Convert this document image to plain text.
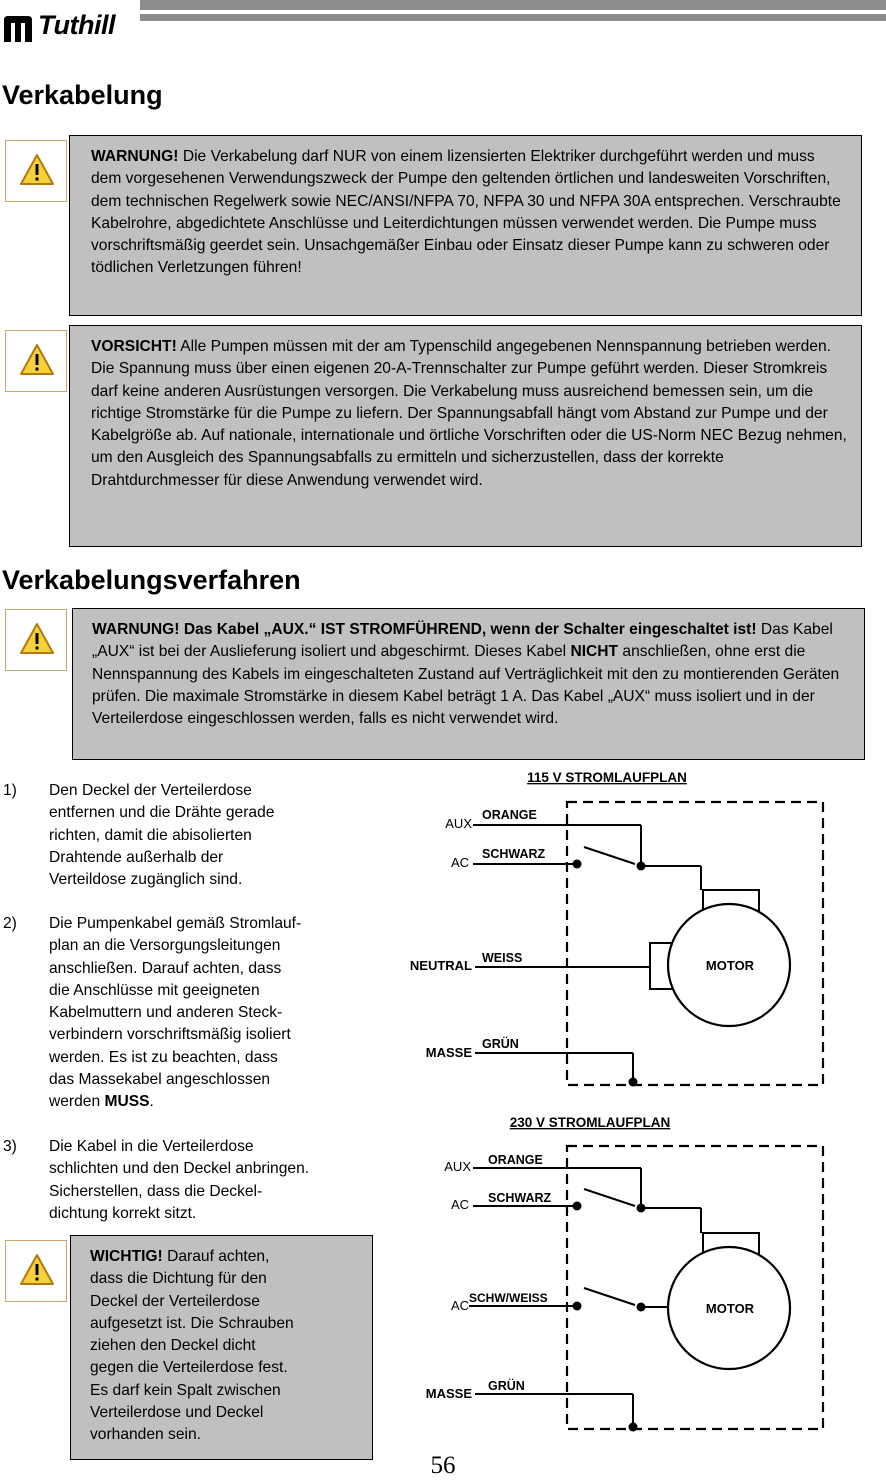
Tuthill
Verkabelung
WARNUNG! Die Verkabelung darf NUR von einem lizensierten Elektriker durchgeführt werden und muss dem vorgesehenen Verwendungszweck der Pumpe den geltenden örtlichen und landesweiten Vorschriften, dem technischen Regelwerk sowie NEC/ANSI/NFPA 70, NFPA 30 und NFPA 30A entsprechen. Verschraubte Kabelrohre, abgedichtete Anschlüsse und Leiterdichtungen müssen verwendet werden. Die Pumpe muss vorschriftsmäßig geerdet sein. Unsachgemäßer Einbau oder Einsatz dieser Pumpe kann zu schweren oder tödlichen Verletzungen führen!
VORSICHT! Alle Pumpen müssen mit der am Typenschild angegebenen Nennspannung betrieben werden. Die Spannung muss über einen eigenen 20-A-Trennschalter zur Pumpe geführt werden. Dieser Stromkreis darf keine anderen Ausrüstungen versorgen. Die Verkabelung muss ausreichend bemessen sein, um die richtige Stromstärke für die Pumpe zu liefern. Der Spannungsabfall hängt vom Abstand zur Pumpe und der Kabelgröße ab. Auf nationale, internationale und örtliche Vorschriften oder die US-Norm NEC Bezug nehmen, um den Ausgleich des Spannungsabfalls zu ermitteln und sicherzustellen, dass der korrekte Drahtdurchmesser für diese Anwendung verwendet wird.
Verkabelungsverfahren
WARNUNG! Das Kabel „AUX.“ IST STROMFÜHREND, wenn der Schalter eingeschaltet ist! Das Kabel „AUX“ ist bei der Auslieferung isoliert und abgeschirmt. Dieses Kabel NICHT anschließen, ohne erst die Nennspannung des Kabels im eingeschalteten Zustand auf Verträglichkeit mit den zu montierenden Geräten prüfen. Die maximale Stromstärke in diesem Kabel beträgt 1 A. Das Kabel „AUX“ muss isoliert und in der Verteilerdose eingeschlossen werden, falls es nicht verwendet wird.
1) Den Deckel der Verteilerdose
entfernen und die Drähte gerade
richten, damit die abisolierten
Drahtende außerhalb der
Verteildose zugänglich sind.
2) Die Pumpenkabel gemäß Stromlauf-
plan an die Versorgungsleitungen
anschließen. Darauf achten, dass
die Anschlüsse mit geeigneten
Kabelmuttern und anderen Steck-
verbindern vorschriftsmäßig isoliert
werden. Es ist zu beachten, dass
das Massekabel angeschlossen
werden MUSS.
3) Die Kabel in die Verteilerdose
schlichten und den Deckel anbringen.
Sicherstellen, dass die Deckel-
dichtung korrekt sitzt.
WICHTIG! Darauf achten,
dass die Dichtung für den
Deckel der Verteilerdose
aufgesetzt ist. Die Schrauben
ziehen den Deckel dicht
gegen die Verteilerdose fest.
Es darf kein Spalt zwischen
Verteilerdose und Deckel
vorhanden sein.
115 V STROMLAUFPLAN
AUX
ORANGE
AC
SCHWARZ
MOTOR
NEUTRAL WEISS
MASSE
GRÜN
230 V STROMLAUFPLAN
AUX ORANGE
AC SCHWARZ
MOTOR
AC SCHW/WEISS
MASSE GRÜN
56
